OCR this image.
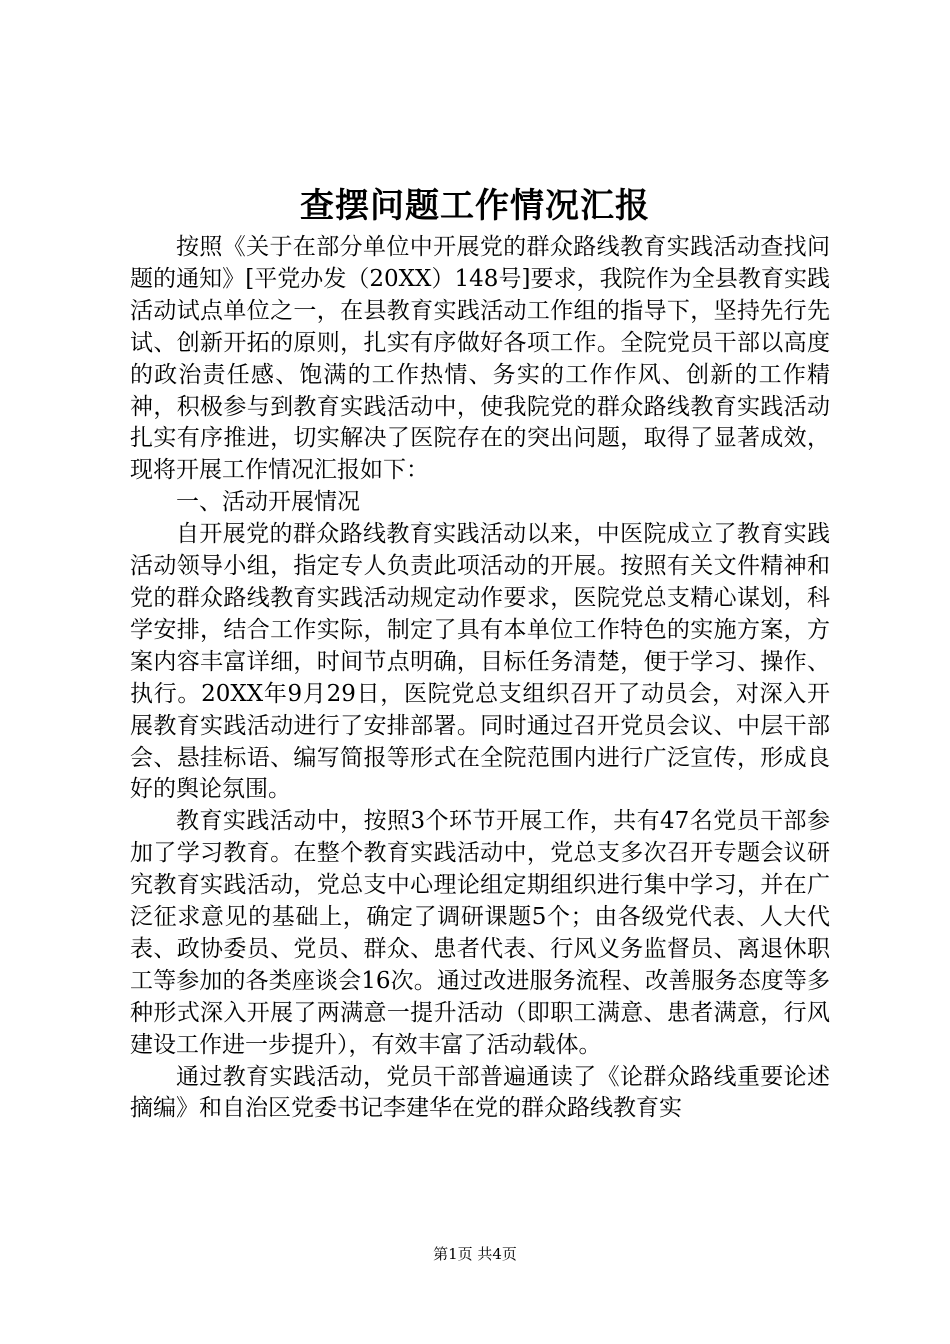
查摆问题工作情况汇报

按照《关于在部分单位中开展党的群众路线教育实践活动查找问题的通知》[平党办发（20XX）148号]要求，我院作为全县教育实践活动试点单位之一，在县教育实践活动工作组的指导下，坚持先行先试、创新开拓的原则，扎实有序做好各项工作。全院党员干部以高度的政治责任感、饱满的工作热情、务实的工作作风、创新的工作精神，积极参与到教育实践活动中，使我院党的群众路线教育实践活动扎实有序推进，切实解决了医院存在的突出问题，取得了显著成效，现将开展工作情况汇报如下：

一、活动开展情况

自开展党的群众路线教育实践活动以来，中医院成立了教育实践活动领导小组，指定专人负责此项活动的开展。按照有关文件精神和党的群众路线教育实践活动规定动作要求，医院党总支精心谋划，科学安排，结合工作实际，制定了具有本单位工作特色的实施方案，方案内容丰富详细，时间节点明确，目标任务清楚，便于学习、操作、执行。20XX年9月29日，医院党总支组织召开了动员会，对深入开展教育实践活动进行了安排部署。同时通过召开党员会议、中层干部会、悬挂标语、编写简报等形式在全院范围内进行广泛宣传，形成良好的舆论氛围。

教育实践活动中，按照3个环节开展工作，共有47名党员干部参加了学习教育。在整个教育实践活动中，党总支多次召开专题会议研究教育实践活动，党总支中心理论组定期组织进行集中学习，并在广泛征求意见的基础上，确定了调研课题5个；由各级党代表、人大代表、政协委员、党员、群众、患者代表、行风义务监督员、离退休职工等参加的各类座谈会16次。通过改进服务流程、改善服务态度等多种形式深入开展了两满意一提升活动（即职工满意、患者满意，行风建设工作进一步提升），有效丰富了活动载体。

通过教育实践活动，党员干部普遍通读了《论群众路线重要论述摘编》和自治区党委书记李建华在党的群众路线教育实

第1页 共4页
